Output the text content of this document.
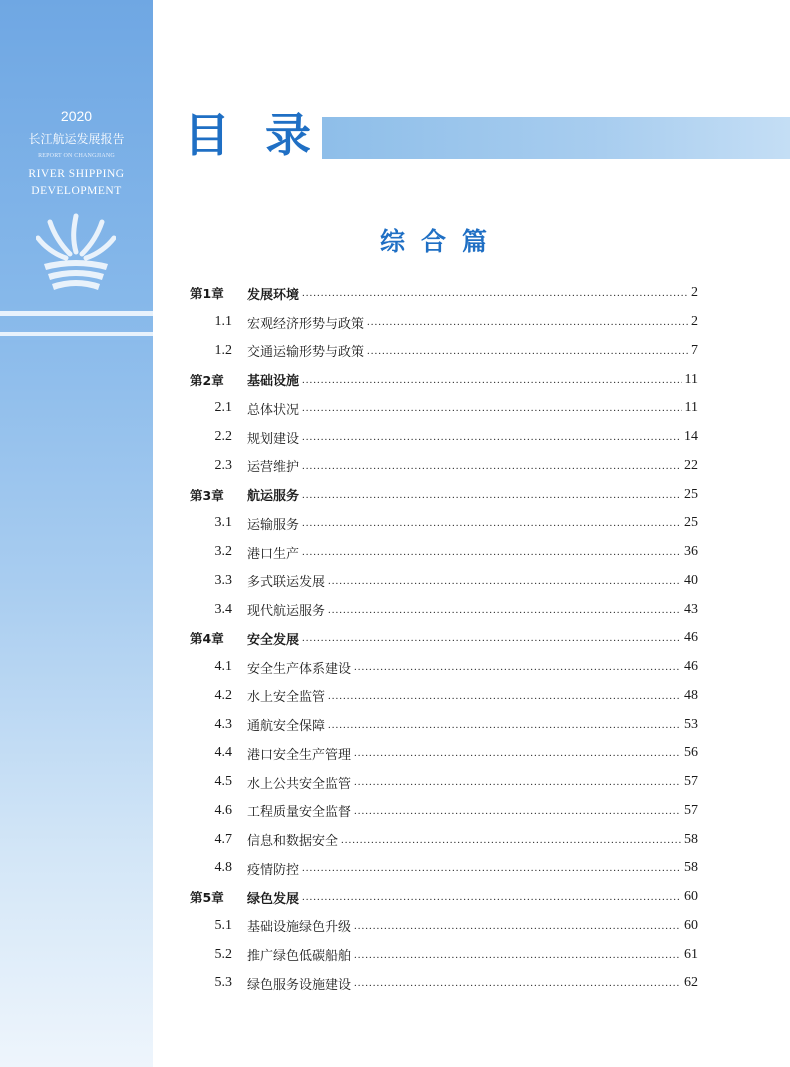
2020
长江航运发展报告
REPORT ON CHANGJIANG
RIVER SHIPPING
DEVELOPMENT
目 录
综合篇
第1章	发展环境 .....	2
1.1 宏观经济形势与政策 .....	2
1.2 交通运输形势与政策 .....	7
第2章	基础设施 .....	11
2.1 总体状况 .....	11
2.2 规划建设 .....	14
2.3 运营维护 .....	22
第3章	航运服务 .....	25
3.1 运输服务 .....	25
3.2 港口生产 .....	36
3.3 多式联运发展 .....	40
3.4 现代航运服务 .....	43
第4章	安全发展 .....	46
4.1 安全生产体系建设 .....	46
4.2 水上安全监管 .....	48
4.3 通航安全保障 .....	53
4.4 港口安全生产管理 .....	56
4.5 水上公共安全监管 .....	57
4.6 工程质量安全监督 .....	57
4.7 信息和数据安全 .....	58
4.8 疫情防控 .....	58
第5章	绿色发展 .....	60
5.1 基础设施绿色升级 .....	60
5.2 推广绿色低碳船舶 .....	61
5.3 绿色服务设施建设 .....	62
